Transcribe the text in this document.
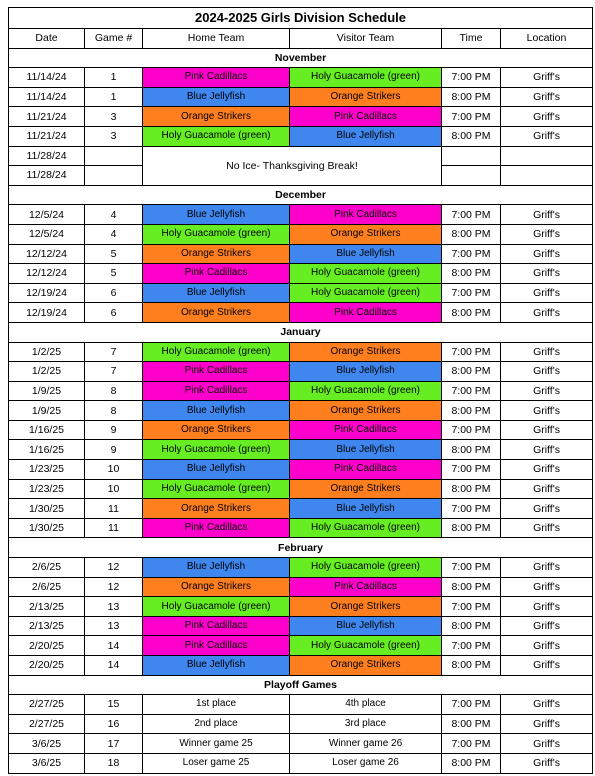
2024-2025 Girls Division Schedule					
Date	Game #	Home Team	Visitor Team	Time	Location
November					
11/14/24	1	Pink Cadillacs	Holy Guacamole (green)	7:00 PM	Griff's
11/14/24	1	Blue Jellyfish	Orange Strikers	8:00 PM	Griff's
11/21/24	3	Orange Strikers	Pink Cadillacs	7:00 PM	Griff's
11/21/24	3	Holy Guacamole (green)	Blue Jellyfish	8:00 PM	Griff's
11/28/24		No Ice- Thanksgiving Break!			
11/28/24					
December					
12/5/24	4	Blue Jellyfish	Pink Cadillacs	7:00 PM	Griff's
12/5/24	4	Holy Guacamole (green)	Orange Strikers	8:00 PM	Griff's
12/12/24	5	Orange Strikers	Blue Jellyfish	7:00 PM	Griff's
12/12/24	5	Pink Cadillacs	Holy Guacamole (green)	8:00 PM	Griff's
12/19/24	6	Blue Jellyfish	Holy Guacamole (green)	7:00 PM	Griff's
12/19/24	6	Orange Strikers	Pink Cadillacs	8:00 PM	Griff's
January					
1/2/25	7	Holy Guacamole (green)	Orange Strikers	7:00 PM	Griff's
1/2/25	7	Pink Cadillacs	Blue Jellyfish	8:00 PM	Griff's
1/9/25	8	Pink Cadillacs	Holy Guacamole (green)	7:00 PM	Griff's
1/9/25	8	Blue Jellyfish	Orange Strikers	8:00 PM	Griff's
1/16/25	9	Orange Strikers	Pink Cadillacs	7:00 PM	Griff's
1/16/25	9	Holy Guacamole (green)	Blue Jellyfish	8:00 PM	Griff's
1/23/25	10	Blue Jellyfish	Pink Cadillacs	7:00 PM	Griff's
1/23/25	10	Holy Guacamole (green)	Orange Strikers	8:00 PM	Griff's
1/30/25	11	Orange Strikers	Blue Jellyfish	7:00 PM	Griff's
1/30/25	11	Pink Cadillacs	Holy Guacamole (green)	8:00 PM	Griff's
February					
2/6/25	12	Blue Jellyfish	Holy Guacamole (green)	7:00 PM	Griff's
2/6/25	12	Orange Strikers	Pink Cadillacs	8:00 PM	Griff's
2/13/25	13	Holy Guacamole (green)	Orange Strikers	7:00 PM	Griff's
2/13/25	13	Pink Cadillacs	Blue Jellyfish	8:00 PM	Griff's
2/20/25	14	Pink Cadillacs	Holy Guacamole (green)	7:00 PM	Griff's
2/20/25	14	Blue Jellyfish	Orange Strikers	8:00 PM	Griff's
Playoff Games					
2/27/25	15	1st place	4th place	7:00 PM	Griff's
2/27/25	16	2nd place	3rd place	8:00 PM	Griff's
3/6/25	17	Winner game 25	Winner game 26	7:00 PM	Griff's
3/6/25	18	Loser game 25	Loser game 26	8:00 PM	Griff's
